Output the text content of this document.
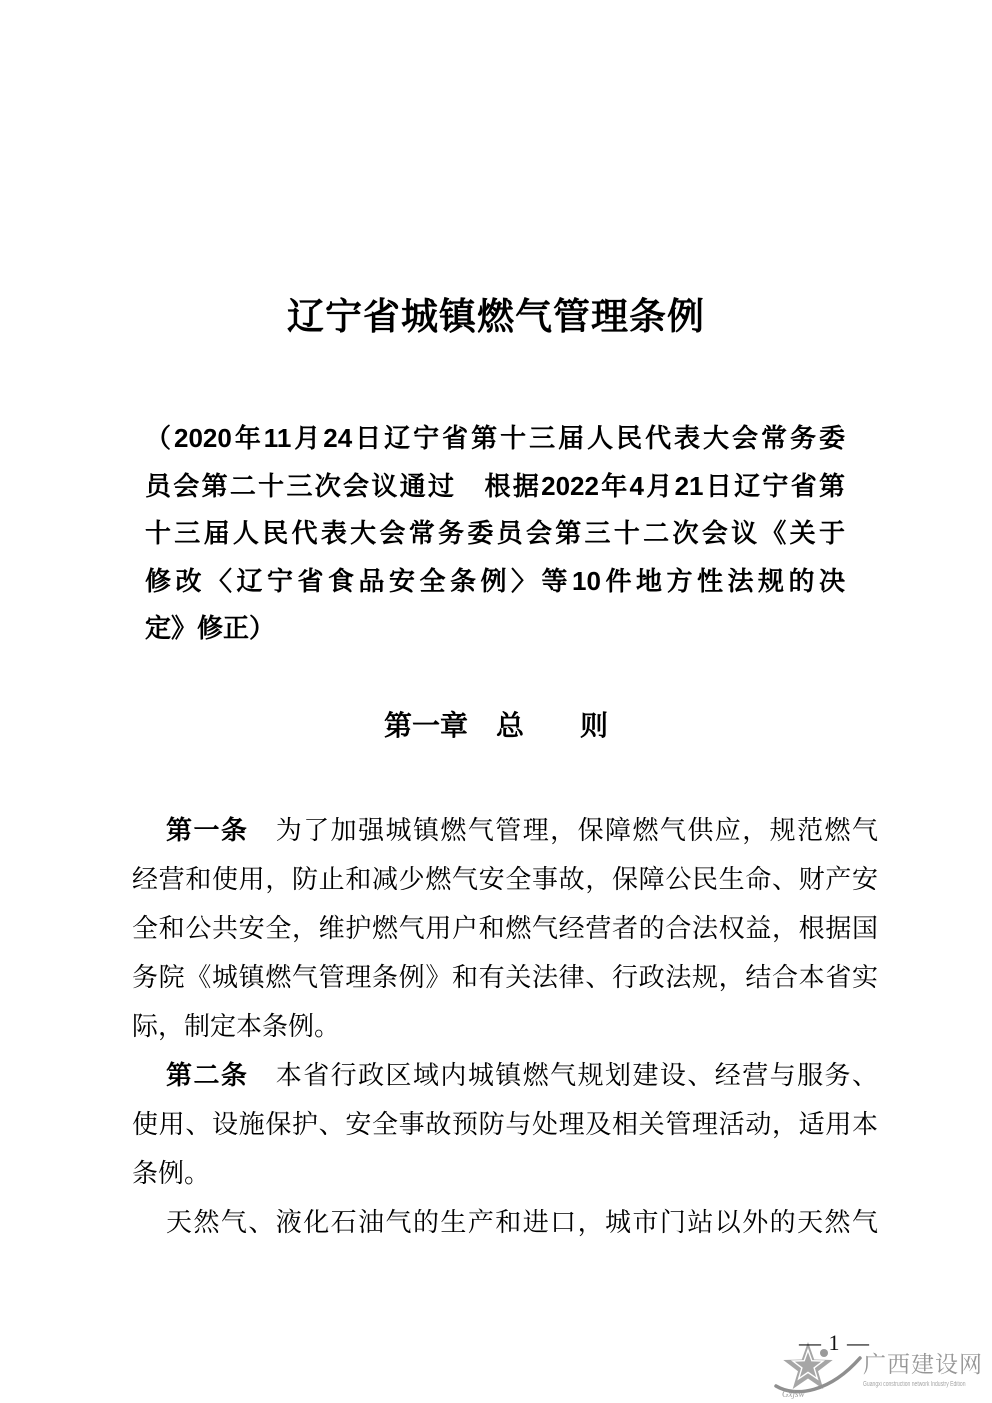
辽宁省城镇燃气管理条例
（2020年11月24日辽宁省第十三届人民代表大会常务委
员会第二十三次会议通过　根据2022年4月21日辽宁省第
十三届人民代表大会常务委员会第三十二次会议《关于
修改〈辽宁省食品安全条例〉等10件地方性法规的决
定》修正）
第一章　总　　则
第一条　为了加强城镇燃气管理，保障燃气供应，规范燃气
经营和使用，防止和减少燃气安全事故，保障公民生命、财产安
全和公共安全，维护燃气用户和燃气经营者的合法权益，根据国
务院《城镇燃气管理条例》和有关法律、行政法规，结合本省实
际，制定本条例。
第二条　本省行政区域内城镇燃气规划建设、经营与服务、
使用、设施保护、安全事故预防与处理及相关管理活动，适用本
条例。
天然气、液化石油气的生产和进口，城市门站以外的天然气
— 1 —
Gxjsw
广西建设网
Guangxi construction network Industry Edition
